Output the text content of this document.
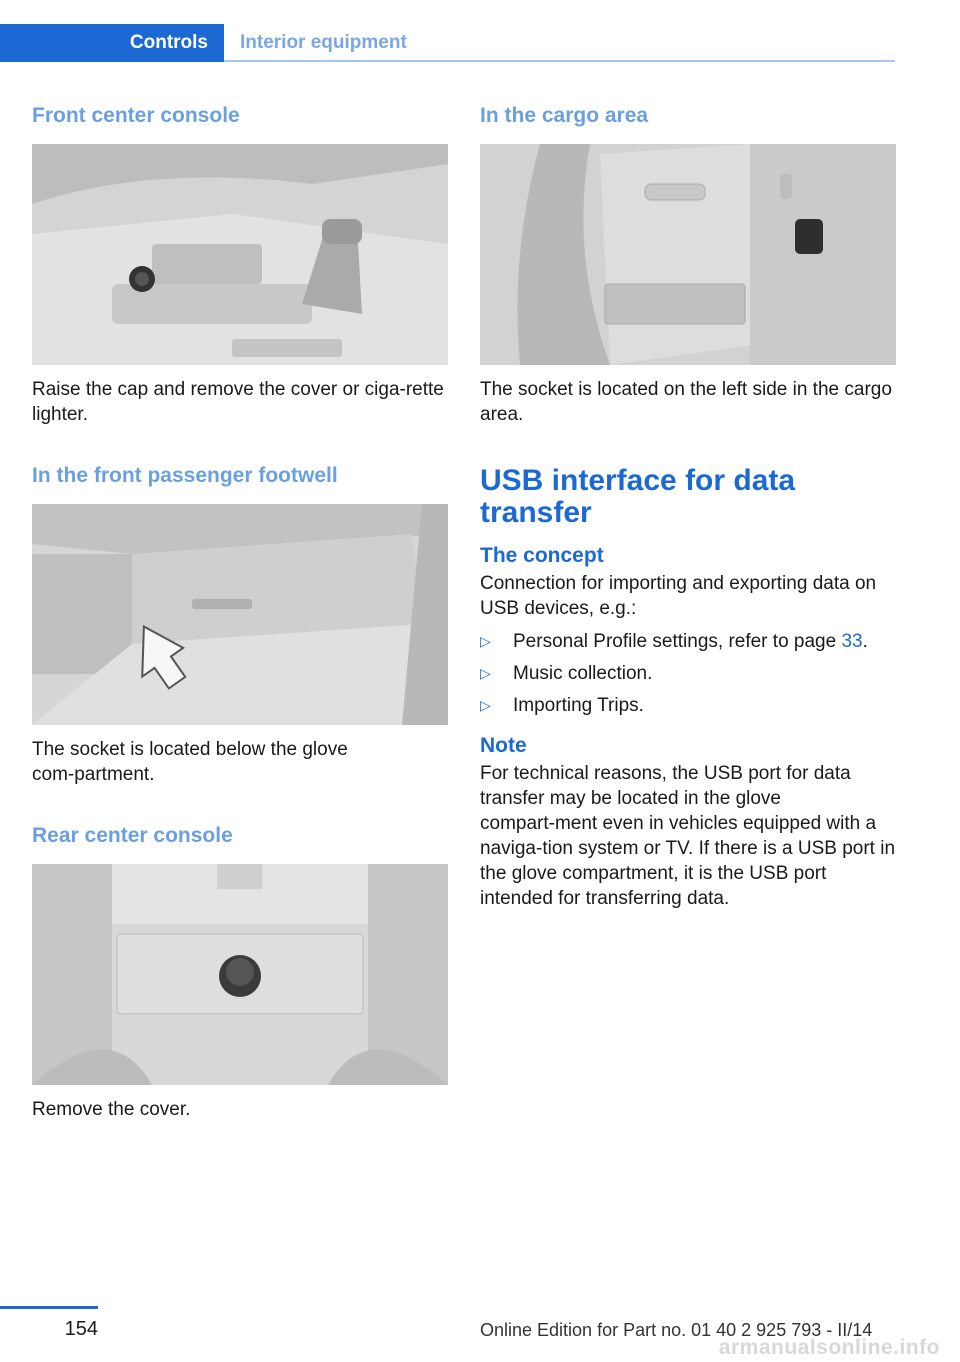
Controls	Interior equipment
Front center console

Raise the cap and remove the cover or ciga‑rette lighter.

In the front passenger footwell

The socket is located below the glove com‑partment.

Rear center console

Remove the cover.

In the cargo area

The socket is located on the left side in the cargo area.

USB interface for data transfer
The concept

Connection for importing and exporting data on USB devices, e.g.:

▷ Personal Profile settings, refer to page 33.
▷ Music collection.
▷ Importing Trips.
Note

For technical reasons, the USB port for data transfer may be located in the glove compart‑ment even in vehicles equipped with a naviga‑tion system or TV. If there is a USB port in the glove compartment, it is the USB port intended for transferring data.

154	Online Edition for Part no. 01 40 2 925 793 - II/14
armanualsonline.info
